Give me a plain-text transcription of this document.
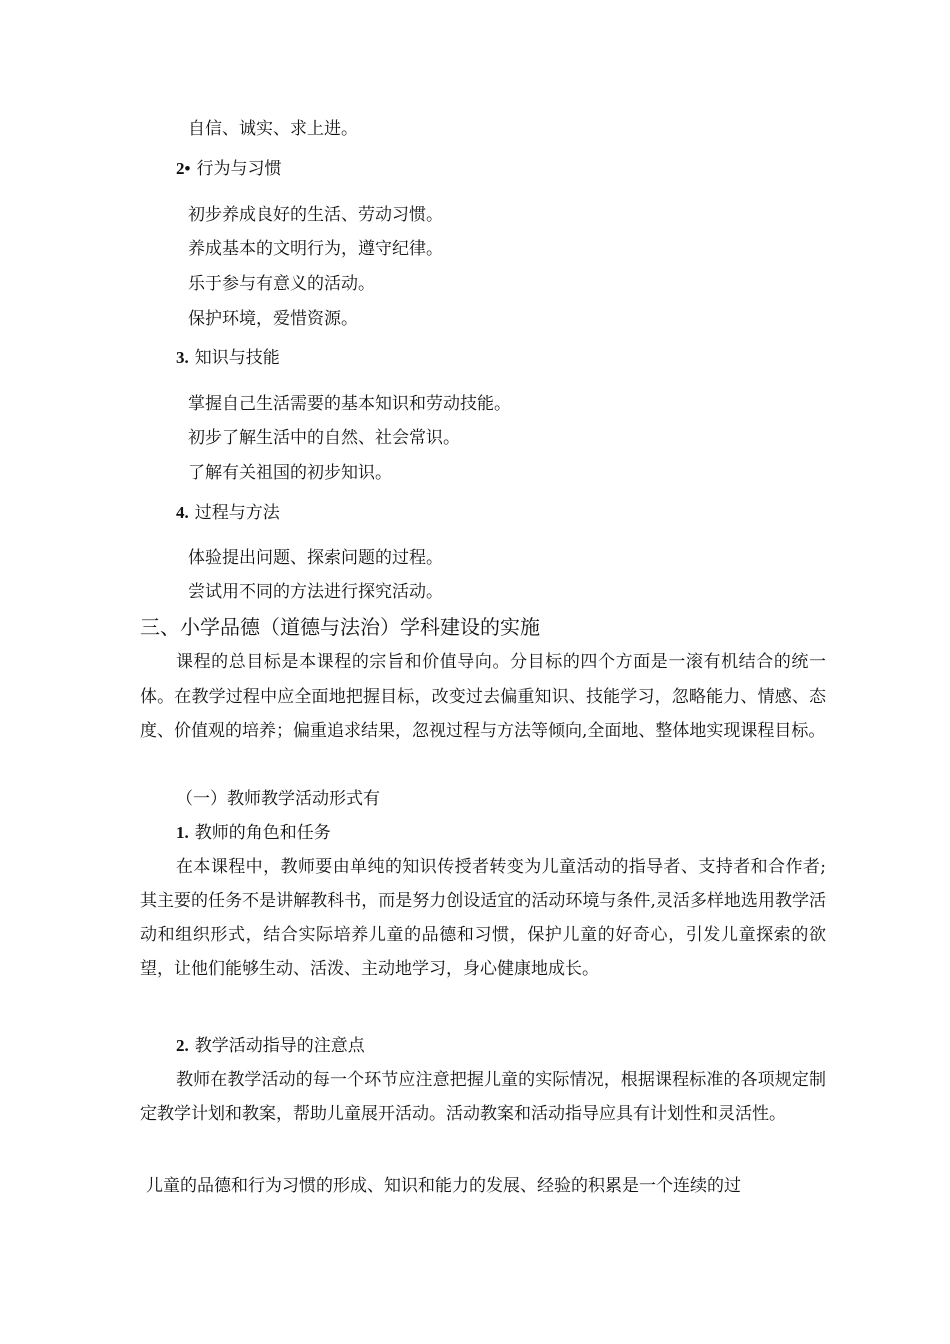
自信、诚实、求上进。
2• 行为与习惯
初步养成良好的生活、劳动习惯。
养成基本的文明行为，遵守纪律。
乐于参与有意义的活动。
保护环境，爱惜资源。
3. 知识与技能
掌握自己生活需要的基本知识和劳动技能。
初步了解生活中的自然、社会常识。
了解有关祖国的初步知识。
4. 过程与方法
体验提出问题、探索问题的过程。
尝试用不同的方法进行探究活动。
三、小学品德（道德与法治）学科建设的实施
课程的总目标是本课程的宗旨和价值导向。分目标的四个方面是一滚有机结合的统一体。在教学过程中应全面地把握目标，改变过去偏重知识、技能学习，忽略能力、情感、态度、价值观的培养；偏重追求结果，忽视过程与方法等倾向,全面地、整体地实现课程目标。
（一）教师教学活动形式有
1. 教师的角色和任务
在本课程中，教师要由单纯的知识传授者转变为儿童活动的指导者、支持者和合作者;其主要的任务不是讲解教科书，而是努力创设适宜的活动环境与条件,灵活多样地选用教学活动和组织形式，结合实际培养儿童的品德和习惯，保护儿童的好奇心，引发儿童探索的欲望，让他们能够生动、活泼、主动地学习，身心健康地成长。
2. 教学活动指导的注意点
教师在教学活动的每一个环节应注意把握儿童的实际情况，根据课程标准的各项规定制定教学计划和教案，帮助儿童展开活动。活动教案和活动指导应具有计划性和灵活性。
儿童的品德和行为习惯的形成、知识和能力的发展、经验的积累是一个连续的过
